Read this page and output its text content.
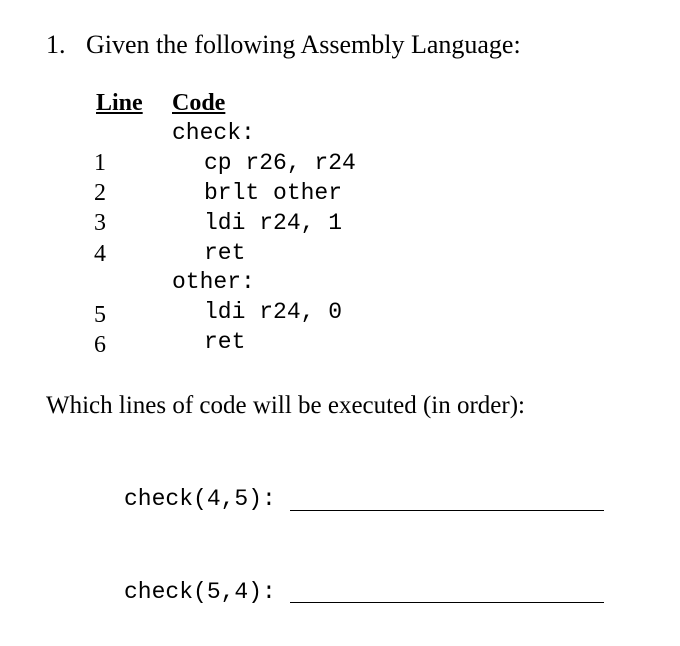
1. Given the following Assembly Language:
Line Code
check:
1	cp r26, r24
2	brlt other
3	ldi r24, 1
4	ret
other:
5	ldi r24, 0
6	ret
Which lines of code will be executed (in order):
check(4,5):
check(5,4):
